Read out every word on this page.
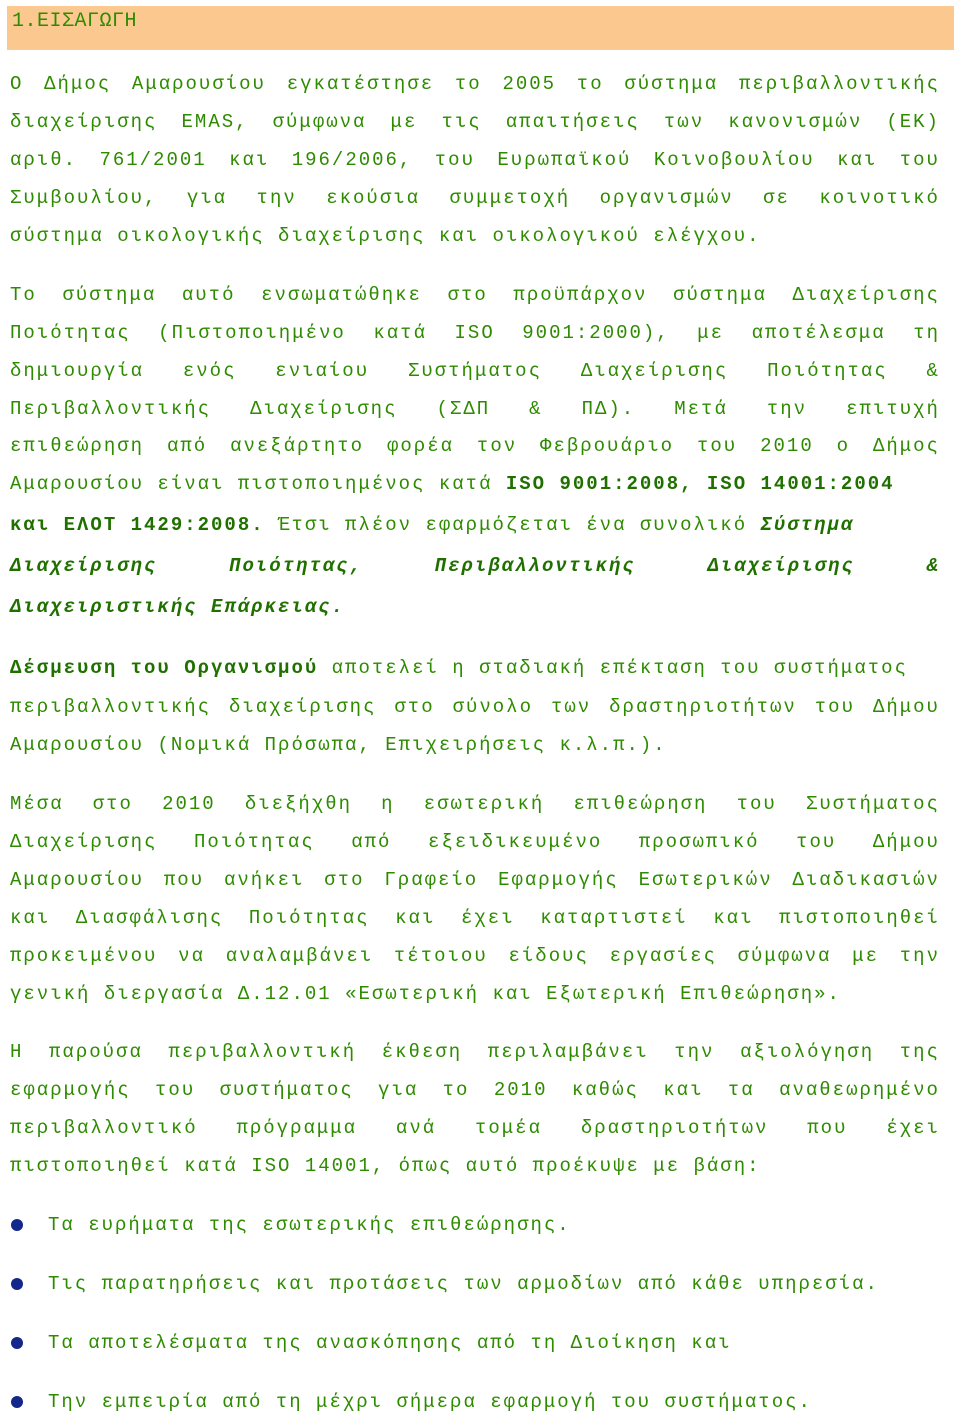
1.ΕΙΣΑΓΩΓΗ
Ο Δήμος Αμαρουσίου εγκατέστησε το 2005 το σύστημα περιβαλλοντικής
διαχείρισης EMAS, σύμφωνα με τις απαιτήσεις των κανονισμών (ΕΚ)
αριθ. 761/2001 και 196/2006, του Ευρωπαϊκού Κοινοβουλίου και του
Συμβουλίου, για την εκούσια συμμετοχή οργανισμών σε κοινοτικό
σύστημα οικολογικής διαχείρισης και οικολογικού ελέγχου.
Το σύστημα αυτό ενσωματώθηκε στο προϋπάρχον σύστημα Διαχείρισης
Ποιότητας (Πιστοποιημένο κατά ISO 9001:2000), με αποτέλεσμα τη
δημιουργία ενός ενιαίου Συστήματος Διαχείρισης Ποιότητας &
Περιβαλλοντικής Διαχείρισης (ΣΔΠ & ΠΔ). Μετά την επιτυχή
επιθεώρηση από ανεξάρτητο φορέα τον Φεβρουάριο του 2010 ο Δήμος
Αμαρουσίου είναι πιστοποιημένος κατά ISO 9001:2008, ISO 14001:2004
και ΕΛΟΤ 1429:2008. Έτσι πλέον εφαρμόζεται ένα συνολικό Σύστημα
Διαχείρισης	Ποιότητας,	Περιβαλλοντικής	Διαχείρισης	&
Διαχειριστικής Επάρκειας.
Δέσμευση του Οργανισμού αποτελεί η σταδιακή επέκταση του συστήματος
περιβαλλοντικής διαχείρισης στο σύνολο των δραστηριοτήτων του Δήμου
Αμαρουσίου (Νομικά Πρόσωπα, Επιχειρήσεις κ.λ.π.).
Μέσα στο 2010 διεξήχθη η εσωτερική επιθεώρηση του Συστήματος
Διαχείρισης Ποιότητας από εξειδικευμένο προσωπικό του Δήμου
Αμαρουσίου που ανήκει στο Γραφείο Εφαρμογής Εσωτερικών Διαδικασιών
και Διασφάλισης Ποιότητας και έχει καταρτιστεί και πιστοποιηθεί
προκειμένου να αναλαμβάνει τέτοιου είδους εργασίες σύμφωνα με την
γενική διεργασία Δ.12.01 «Εσωτερική και Εξωτερική Επιθεώρηση».
Η παρούσα περιβαλλοντική έκθεση περιλαμβάνει την αξιολόγηση της
εφαρμογής του συστήματος για το 2010 καθώς και τα αναθεωρημένο
περιβαλλοντικό πρόγραμμα ανά τομέα δραστηριοτήτων που έχει
πιστοποιηθεί κατά ISO 14001, όπως αυτό προέκυψε με βάση:
Τα ευρήματα της εσωτερικής επιθεώρησης.
Τις παρατηρήσεις και προτάσεις των αρμοδίων από κάθε υπηρεσία.
Τα αποτελέσματα της ανασκόπησης από τη Διοίκηση και
Την εμπειρία από τη μέχρι σήμερα εφαρμογή του συστήματος.
